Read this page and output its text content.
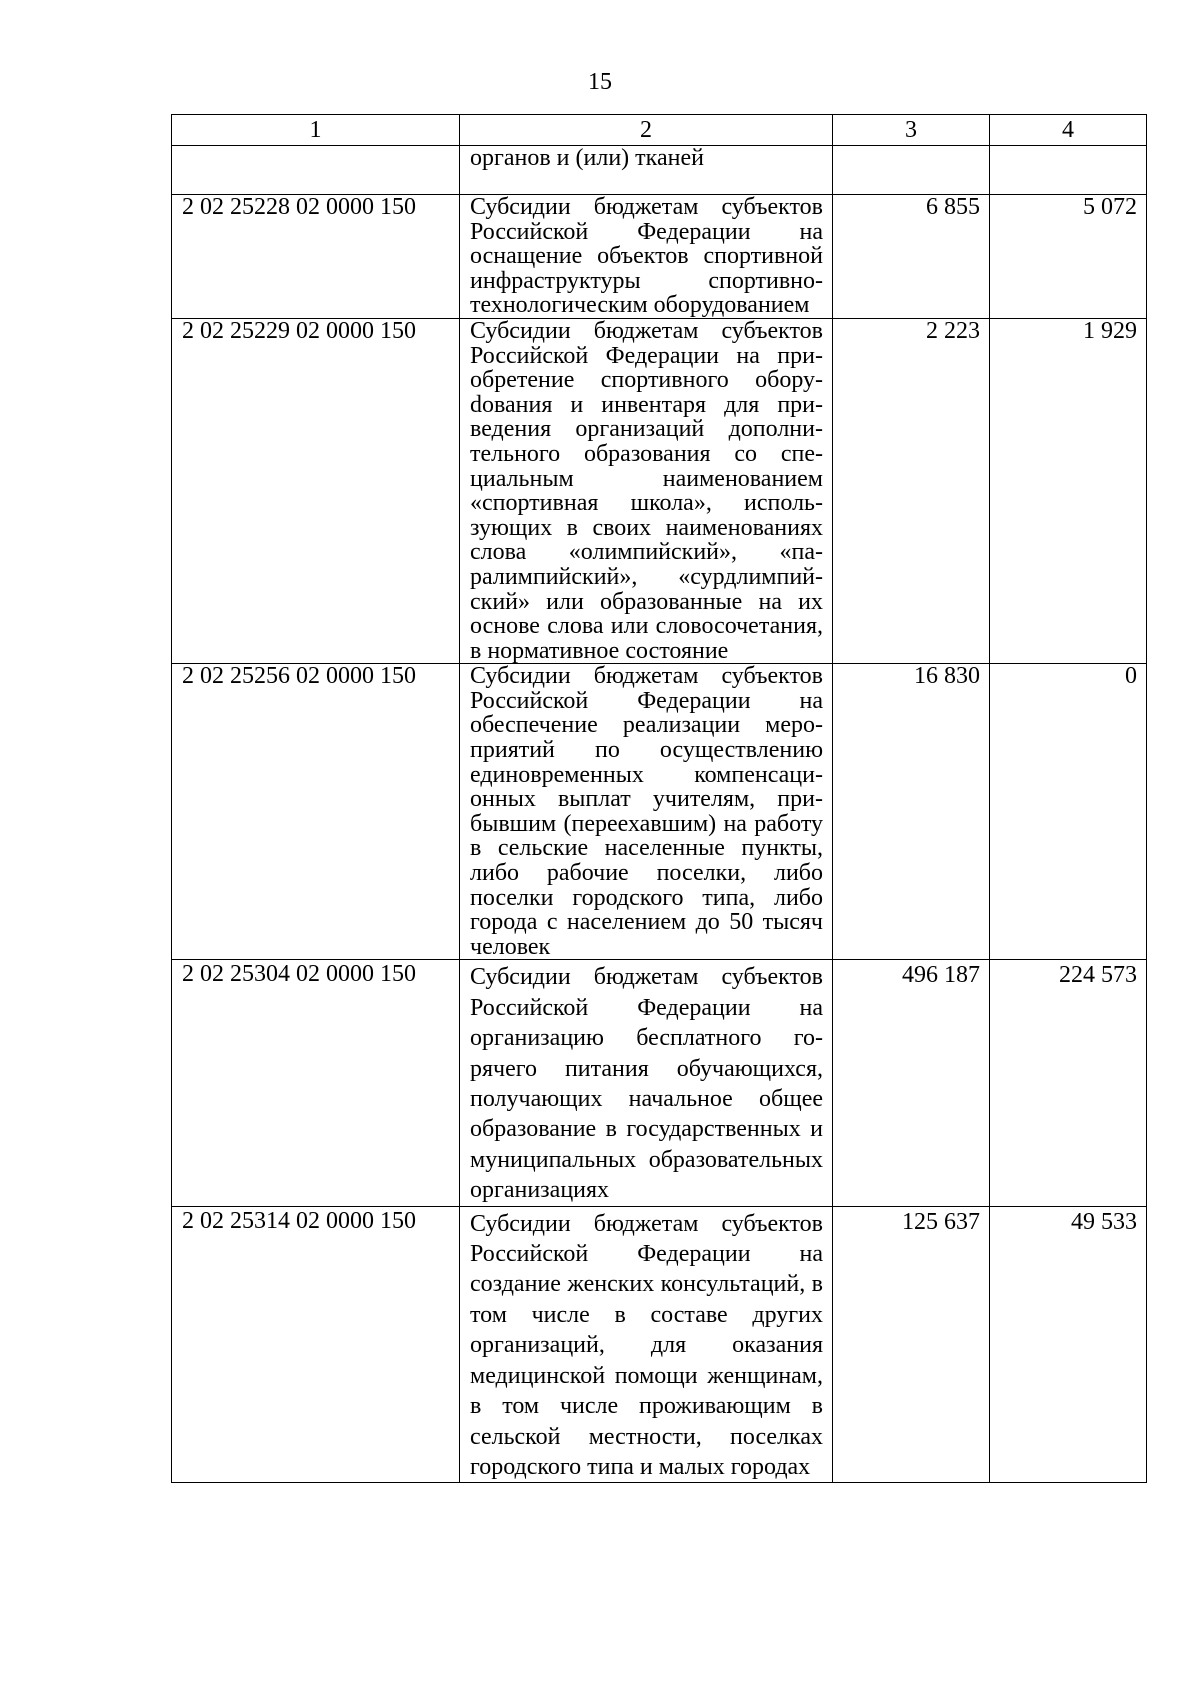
15
1	2	3	4
	органов и (или) тканей		
2 02 25228 02 0000 150	Субсидии бюджетам субъектов Российской Федерации на оснащение объектов спортивной инфраструктуры спортивно-технологическим оборудованием	6 855	5 072
2 02 25229 02 0000 150	Субсидии бюджетам субъектов Российской Федерации на приобретение спортивного оборуdования и инвентаря для приведения организаций дополнительного образования со специальным наименованием «спортивная школа», использующих в своих наименованиях слова «олимпийский», «паралимпийский», «сурдлимпийский» или образованные на их основе слова или словосочетания, в нормативное состояние	2 223	1 929
2 02 25256 02 0000 150	Субсидии бюджетам субъектов Российской Федерации на обеспечение реализации мероприятий по осуществлению единовременных компенсационных выплат учителям, прибывшим (переехавшим) на работу в сельские населенные пункты, либо рабочие поселки, либо поселки городского типа, либо города с населением до 50 тысяч человек	16 830	0
2 02 25304 02 0000 150	Субсидии бюджетам субъектов Российской Федерации на организацию бесплатного горячего питания обучающихся, получающих начальное общее образование в государственных и муниципальных образовательных организациях	496 187	224 573
2 02 25314 02 0000 150	Субсидии бюджетам субъектов Российской Федерации на создание женских консультаций, в том числе в составе других организаций, для оказания медицинской помощи женщинам, в том числе проживающим в сельской местности, поселках городского типа и малых городах	125 637	49 533
